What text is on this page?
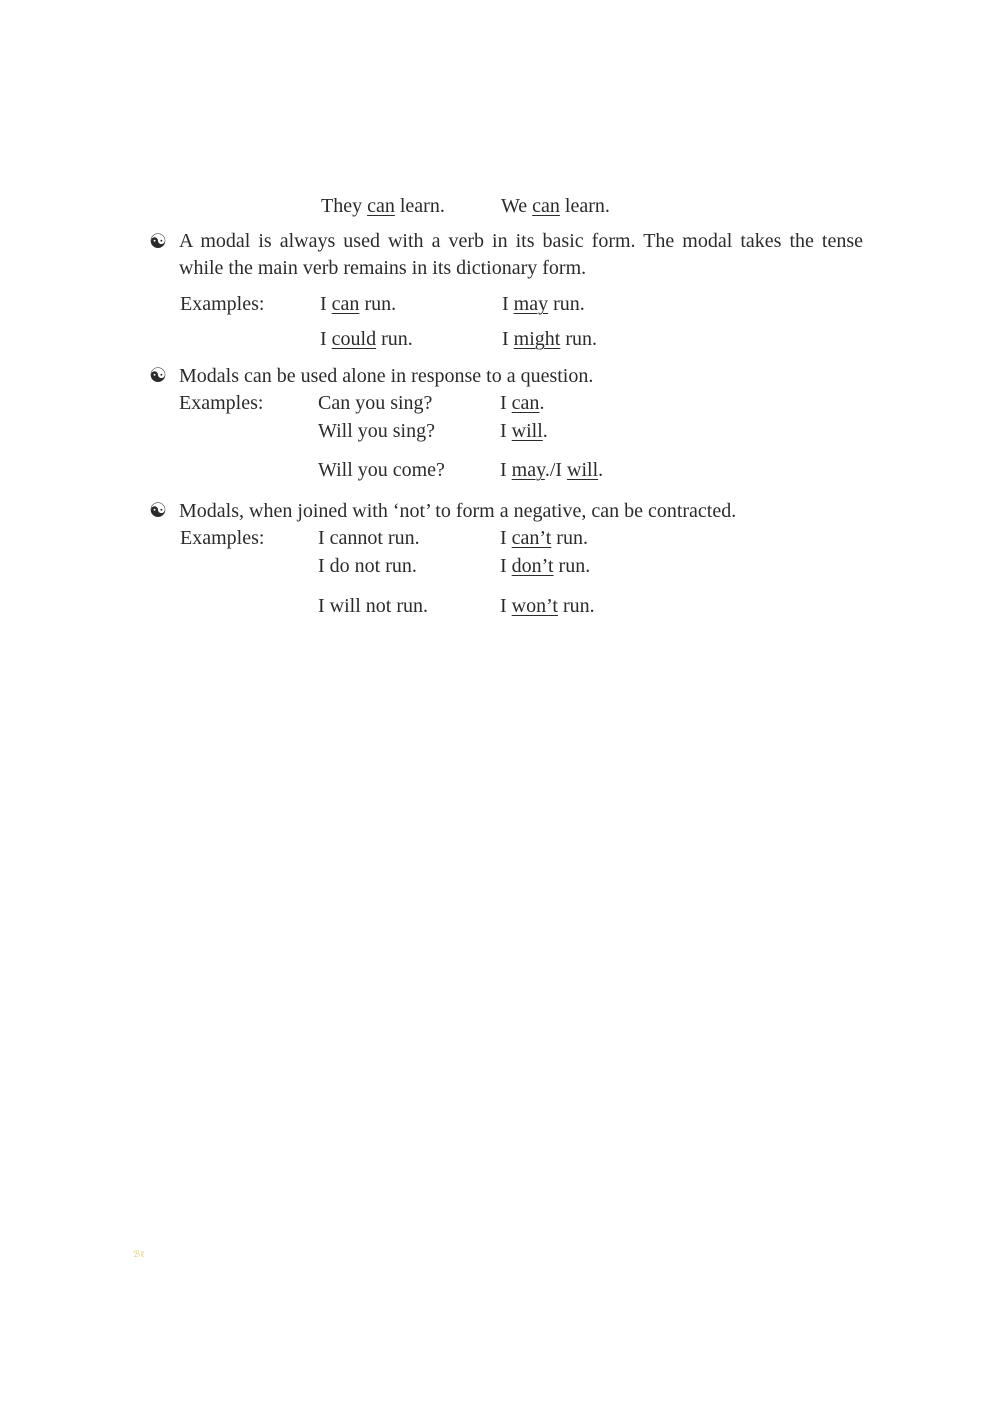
They can learn.	We can learn.
☯ A modal is always used with a verb in its basic form. The modal takes the tense while the main verb remains in its dictionary form.
Examples:	I can run.	I may run.
I could run.	I might run.
☯ Modals can be used alone in response to a question.
Examples:	Can you sing?	I can.
Will you sing?	I will.
Will you come?	I may./I will.
☯ Modals, when joined with ‘not’ to form a negative, can be contracted.
Examples:	I cannot run.	I can’t run.
I do not run.	I don’t run.
I will not run.	I won’t run.
ℬℓ
